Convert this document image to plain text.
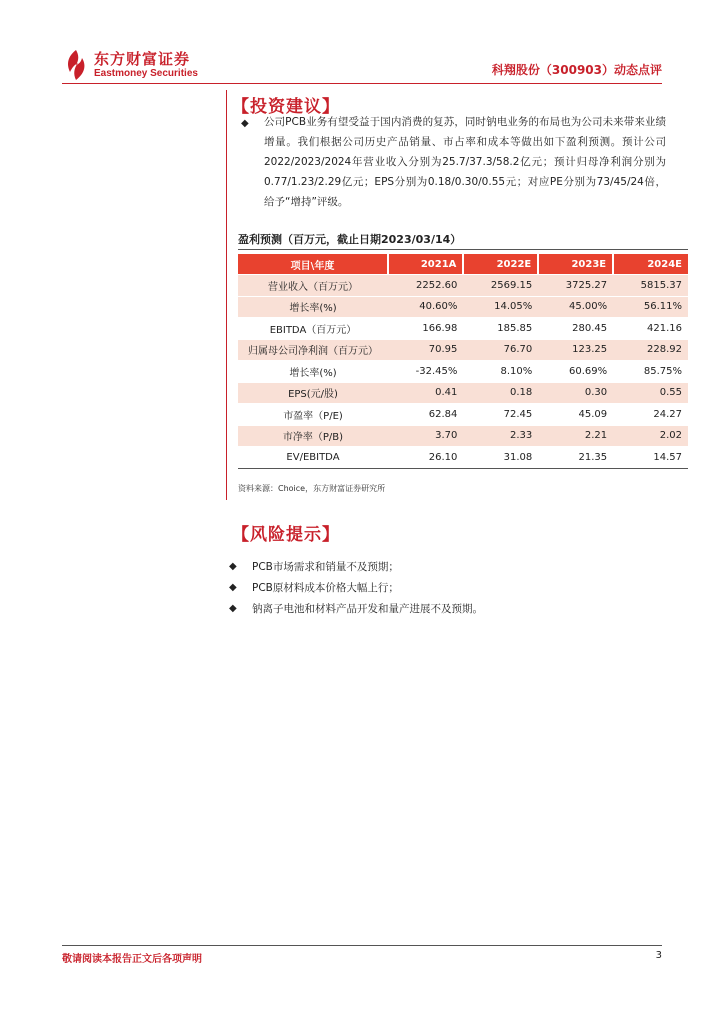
东方财富证券
Eastmoney Securities	科翔股份（300903）动态点评
【投资建议】
◆ 公司PCB业务有望受益于国内消费的复苏，同时钠电业务的布局也为公司未来带来业绩增量。我们根据公司历史产品销量、市占率和成本等做出如下盈利预测。预计公司2022/2023/2024年营业收入分别为25.7/37.3/58.2亿元；预计归母净利润分别为0.77/1.23/2.29亿元；EPS分别为0.18/0.30/0.55元；对应PE分别为73/45/24倍，给予“增持”评级。
盈利预测（百万元，截止日期2023/03/14）
项目\年度	2021A	2022E	2023E	2024E
营业收入（百万元）	2252.60	2569.15	3725.27	5815.37
增长率(%)	40.60%	14.05%	45.00%	56.11%
EBITDA（百万元）	166.98	185.85	280.45	421.16
归属母公司净利润（百万元）	70.95	76.70	123.25	228.92
增长率(%)	-32.45%	8.10%	60.69%	85.75%
EPS(元/股)	0.41	0.18	0.30	0.55
市盈率（P/E)	62.84	72.45	45.09	24.27
市净率（P/B)	3.70	2.33	2.21	2.02
EV/EBITDA	26.10	31.08	21.35	14.57
资料来源：Choice，东方财富证券研究所
【风险提示】
◆ PCB市场需求和销量不及预期；
◆ PCB原材料成本价格大幅上行；
◆ 钠离子电池和材料产品开发和量产进展不及预期。
敬请阅读本报告正文后各项声明	3
